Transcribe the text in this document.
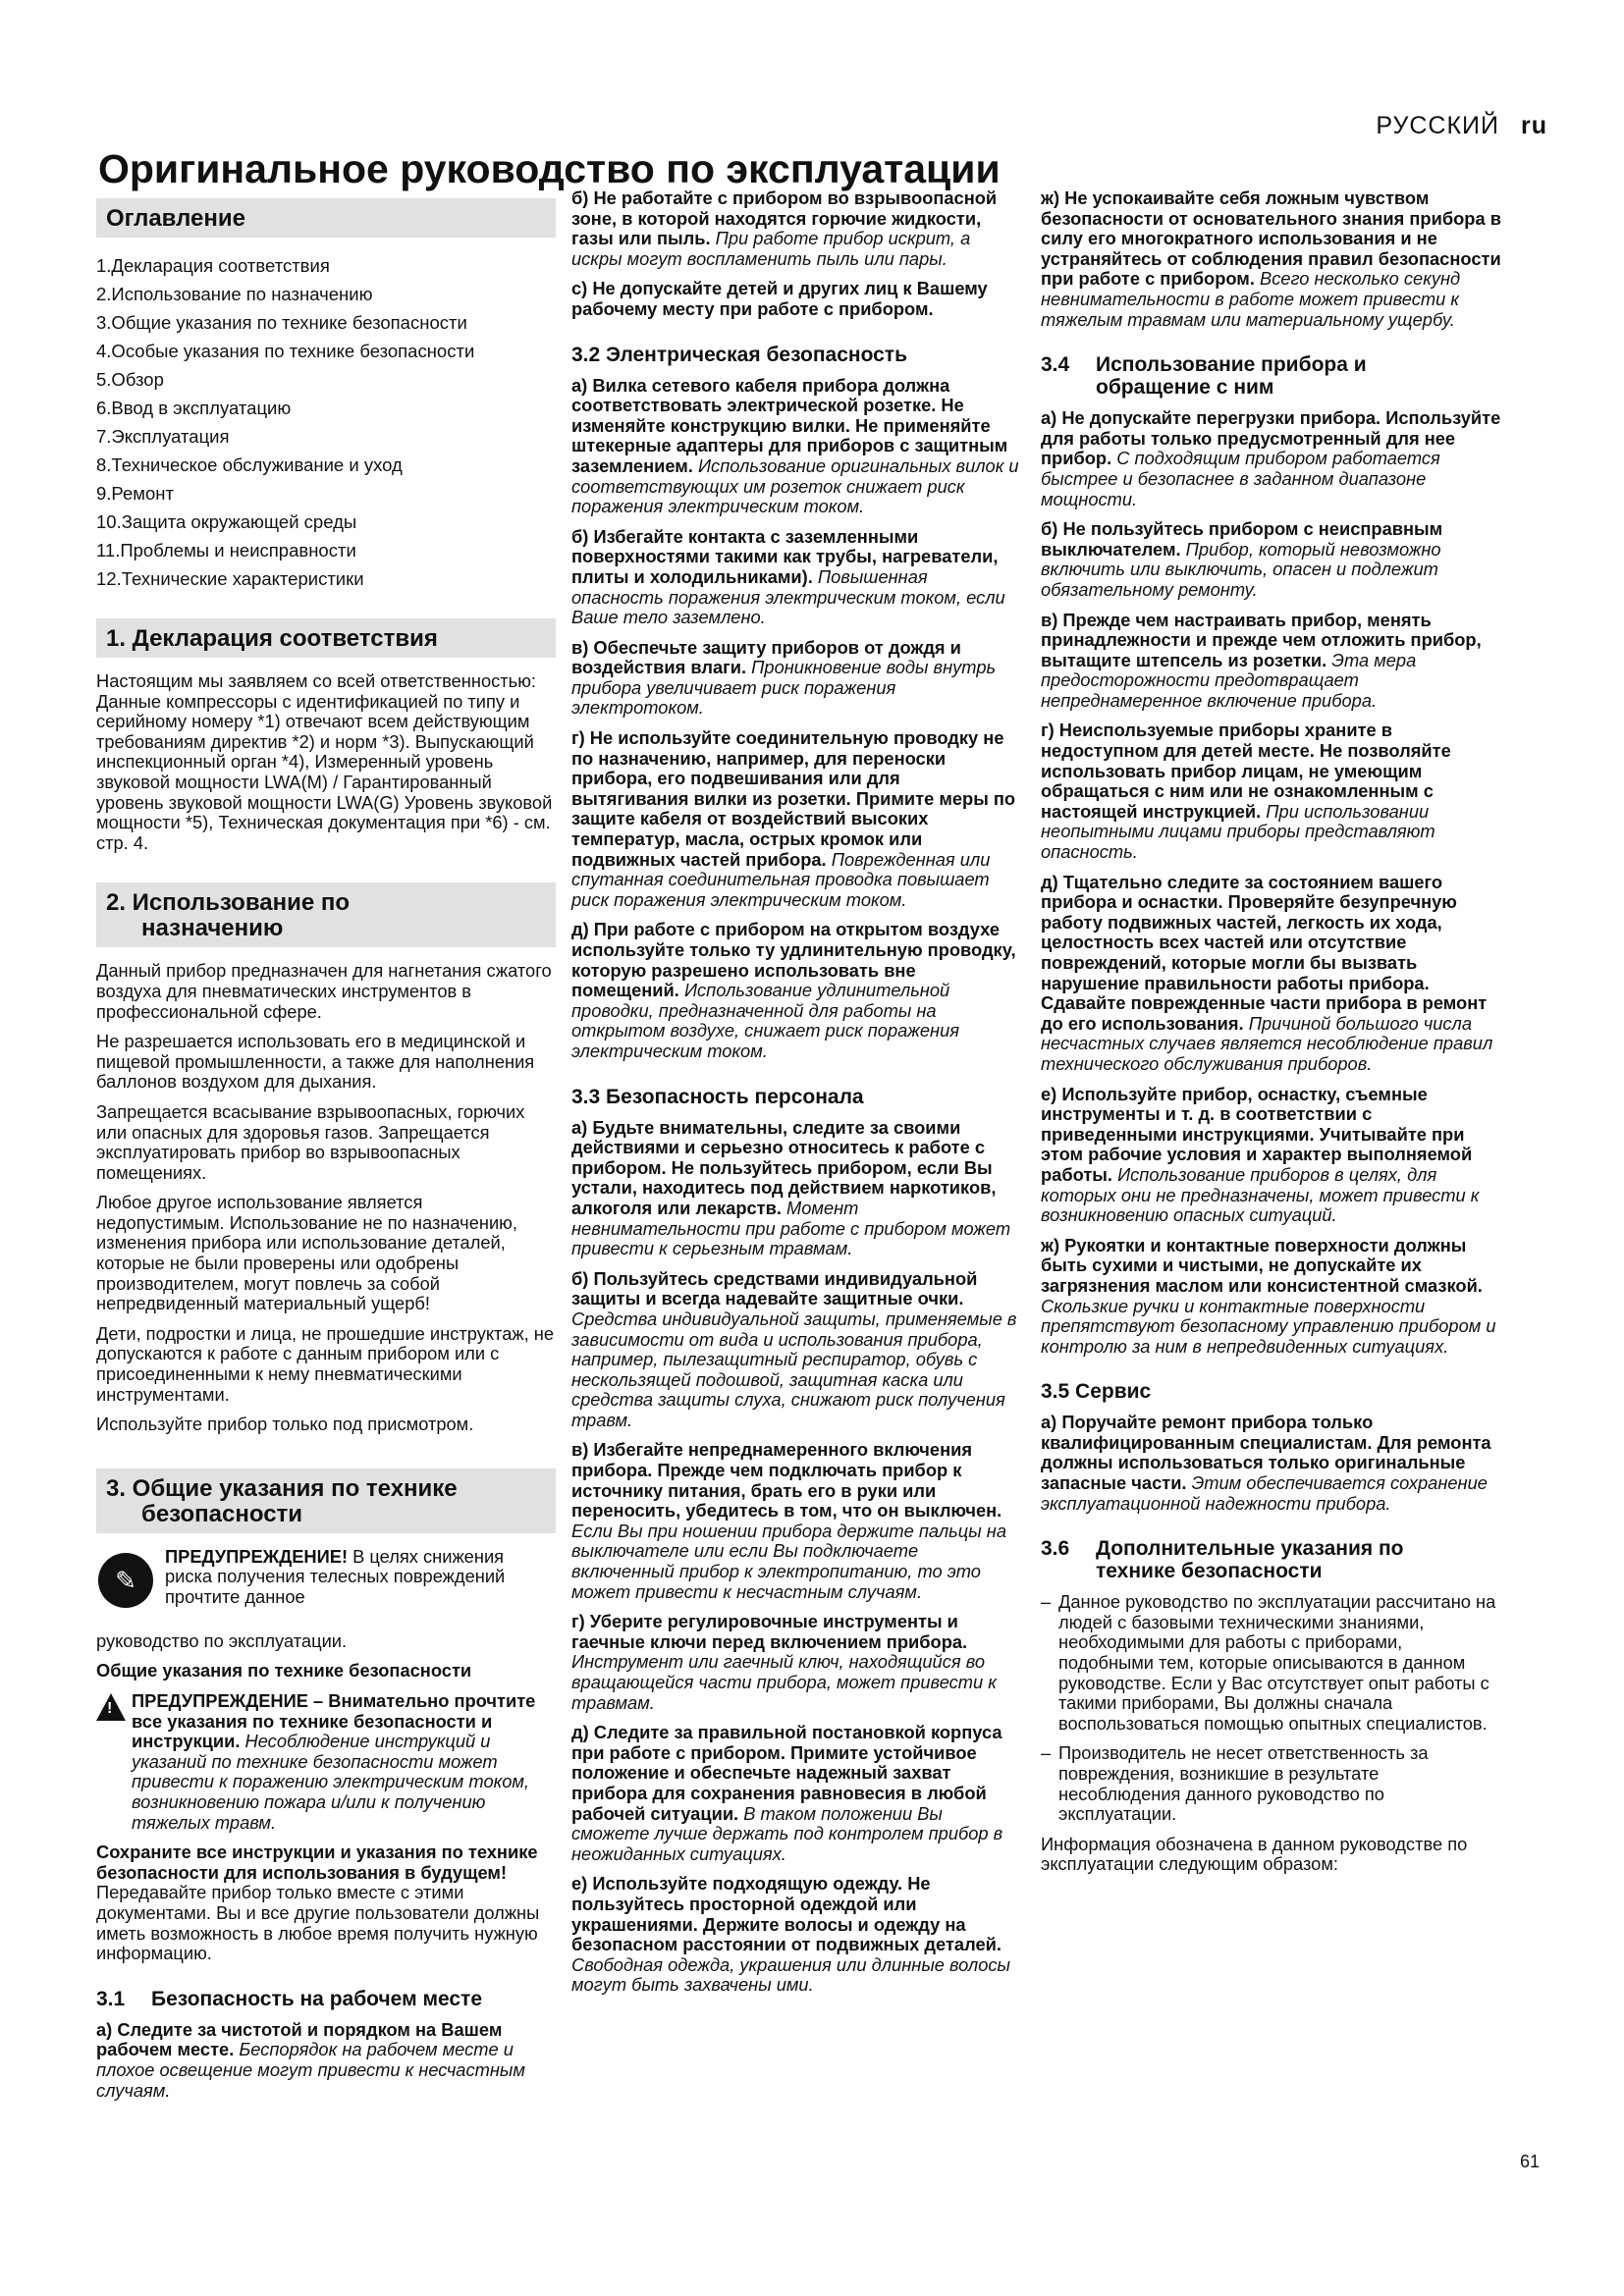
РУССКИЙ ru
Оригинальное руководство по эксплуатации
Оглавление
1.Декларация соответствия
2.Использование по назначению
3.Общие указания по технике безопасности
4.Особые указания по технике безопасности
5.Обзор
6.Ввод в эксплуатацию
7.Эксплуатация
8.Техническое обслуживание и уход
9.Ремонт
10.Защита окружающей среды
11.Проблемы и неисправности
12.Технические характеристики
1. Декларация соответствия

Настоящим мы заявляем со всей ответственностью: Данные компрессоры с идентификацией по типу и серийному номеру *1) отвечают всем действующим требованиям директив *2) и норм *3). Выпускающий инспекционный орган *4), Измеренный уровень звуковой мощности LWA(M) / Гарантированный уровень звуковой мощности LWA(G) Уровень звуковой мощности *5), Техническая документация при *6) - см. стр. 4.

2. Использование по
назначению

Данный прибор предназначен для нагнетания сжатого воздуха для пневматических инструментов в профессиональной сфере.

Не разрешается использовать его в медицинской и пищевой промышленности, а также для наполнения баллонов воздухом для дыхания.

Запрещается всасывание взрывоопасных, горючих или опасных для здоровья газов. Запрещается эксплуатировать прибор во взрывоопасных помещениях.

Любое другое использование является недопустимым. Использование не по назначению, изменения прибора или использование деталей, которые не были проверены или одобрены производителем, могут повлечь за собой непредвиденный материальный ущерб!

Дети, подростки и лица, не прошедшие инструктаж, не допускаются к работе с данным прибором или с присоединенными к нему пневматическими инструментами.

Используйте прибор только под присмотром.

3. Общие указания по технике
безопасности
✎
ПРЕДУПРЕЖДЕНИЕ! В целях снижения риска получения телесных повреждений прочтите данное

руководство по эксплуатации.

Общие указания по технике безопасности

! ПРЕДУПРЕЖДЕНИЕ – Внимательно прочтите все указания по технике безопасности и инструкции. Несоблюдение инструкций и указаний по технике безопасности может привести к поражению электрическим током, возникновению пожара и/или к получению тяжелых травм.

Сохраните все инструкции и указания по технике безопасности для использования в будущем! Передавайте прибор только вместе с этими документами. Вы и все другие пользователи должны иметь возможность в любое время получить нужную информацию.

3.1 Безопасность на рабочем месте

а) Следите за чистотой и порядком на Вашем рабочем месте. Беспорядок на рабочем месте и плохое освещение могут привести к несчастным случаям.

б) Не работайте с прибором во взрывоопасной зоне, в которой находятся горючие жидкости, газы или пыль. При работе прибор искрит, а искры могут воспламенить пыль или пары.

с) Не допускайте детей и других лиц к Вашему рабочему месту при работе с прибором.

3.2 Элентрическая безопасность

а) Вилка сетевого кабеля прибора должна соответствовать электрической розетке. Не изменяйте конструкцию вилки. Не применяйте штекерные адаптеры для приборов с защитным заземлением. Использование оригинальных вилок и соответствующих им розеток снижает риск поражения электрическим током.

б) Избегайте контакта с заземленными поверхностями такими как трубы, нагреватели, плиты и холодильниками). Повышенная опасность поражения электрическим током, если Ваше тело заземлено.

в) Обеспечьте защиту приборов от дождя и воздействия влаги. Проникновение воды внутрь прибора увеличивает риск поражения электротоком.

г) Не используйте соединительную проводку не по назначению, например, для переноски прибора, его подвешивания или для вытягивания вилки из розетки. Примите меры по защите кабеля от воздействий высоких температур, масла, острых кромок или подвижных частей прибора. Поврежденная или спутанная соединительная проводка повышает риск поражения электрическим током.

д) При работе с прибором на открытом воздухе используйте только ту удлинительную проводку, которую разрешено использовать вне помещений. Использование удлинительной проводки, предназначенной для работы на открытом воздухе, снижает риск поражения электрическим током.

3.3 Безопасность персонала

а) Будьте внимательны, следите за своими действиями и серьезно относитесь к работе с прибором. Не пользуйтесь прибором, если Вы устали, находитесь под действием наркотиков, алкоголя или лекарств. Момент невнимательности при работе с прибором может привести к серьезным травмам.

б) Пользуйтесь средствами индивидуальной защиты и всегда надевайте защитные очки. Средства индивидуальной защиты, применяемые в зависимости от вида и использования прибора, например, пылезащитный респиратор, обувь с нескользящей подошвой, защитная каска или средства защиты слуха, снижают риск получения травм.

в) Избегайте непреднамеренного включения прибора. Прежде чем подключать прибор к источнику питания, брать его в руки или переносить, убедитесь в том, что он выключен. Если Вы при ношении прибора держите пальцы на выключателе или если Вы подключаете включенный прибор к электропитанию, то это может привести к несчастным случаям.

г) Уберите регулировочные инструменты и гаечные ключи перед включением прибора. Инструмент или гаечный ключ, находящийся во вращающейся части прибора, может привести к травмам.

д) Следите за правильной постановкой корпуса при работе с прибором. Примите устойчивое положение и обеспечьте надежный захват прибора для сохранения равновесия в любой рабочей ситуации. В таком положении Вы сможете лучше держать под контролем прибор в неожиданных ситуациях.

е) Используйте подходящую одежду. Не пользуйтесь просторной одеждой или украшениями. Держите волосы и одежду на безопасном расстоянии от подвижных деталей. Свободная одежда, украшения или длинные волосы могут быть захвачены ими.

ж) Не успокаивайте себя ложным чувством безопасности от основательного знания прибора в силу его многократного использования и не устраняйтесь от соблюдения правил безопасности при работе с прибором. Всего несколько секунд невнимательности в работе может привести к тяжелым травмам или материальному ущербу.

3.4 Использование прибора и
обращение с ним

а) Не допускайте перегрузки прибора. Используйте для работы только предусмотренный для нее прибор. С подходящим прибором работается быстрее и безопаснее в заданном диапазоне мощности.

б) Не пользуйтесь прибором с неисправным выключателем. Прибор, который невозможно включить или выключить, опасен и подлежит обязательному ремонту.

в) Прежде чем настраивать прибор, менять принадлежности и прежде чем отложить прибор, вытащите штепсель из розетки. Эта мера предосторожности предотвращает непреднамеренное включение прибора.

г) Неиспользуемые приборы храните в недоступном для детей месте. Не позволяйте использовать прибор лицам, не умеющим обращаться с ним или не ознакомленным с настоящей инструкцией. При использовании неопытными лицами приборы представляют опасность.

д) Тщательно следите за состоянием вашего прибора и оснастки. Проверяйте безупречную работу подвижных частей, легкость их хода, целостность всех частей или отсутствие повреждений, которые могли бы вызвать нарушение правильности работы прибора. Сдавайте поврежденные части прибора в ремонт до его использования. Причиной большого числа несчастных случаев является несоблюдение правил технического обслуживания приборов.

е) Используйте прибор, оснастку, съемные инструменты и т. д. в соответствии с приведенными инструкциями. Учитывайте при этом рабочие условия и характер выполняемой работы. Использование приборов в целях, для которых они не предназначены, может привести к возникновению опасных ситуаций.

ж) Рукоятки и контактные поверхности должны быть сухими и чистыми, не допускайте их загрязнения маслом или консистентной смазкой. Скользкие ручки и контактные поверхности препятствуют безопасному управлению прибором и контролю за ним в непредвиденных ситуациях.

3.5 Сервис

а) Поручайте ремонт прибора только квалифицированным специалистам. Для ремонта должны использоваться только оригинальные запасные части. Этим обеспечивается сохранение эксплуатационной надежности прибора.

3.6 Дополнительные указания по
технике безопасности

– Данное руководство по эксплуатации рассчитано на людей с базовыми техническими знаниями, необходимыми для работы с приборами, подобными тем, которые описываются в данном руководстве. Если у Вас отсутствует опыт работы с такими приборами, Вы должны сначала воспользоваться помощью опытных специалистов.

– Производитель не несет ответственность за повреждения, возникшие в результате несоблюдения данного руководство по эксплуатации.

Информация обозначена в данном руководстве по эксплуатации следующим образом:

61
